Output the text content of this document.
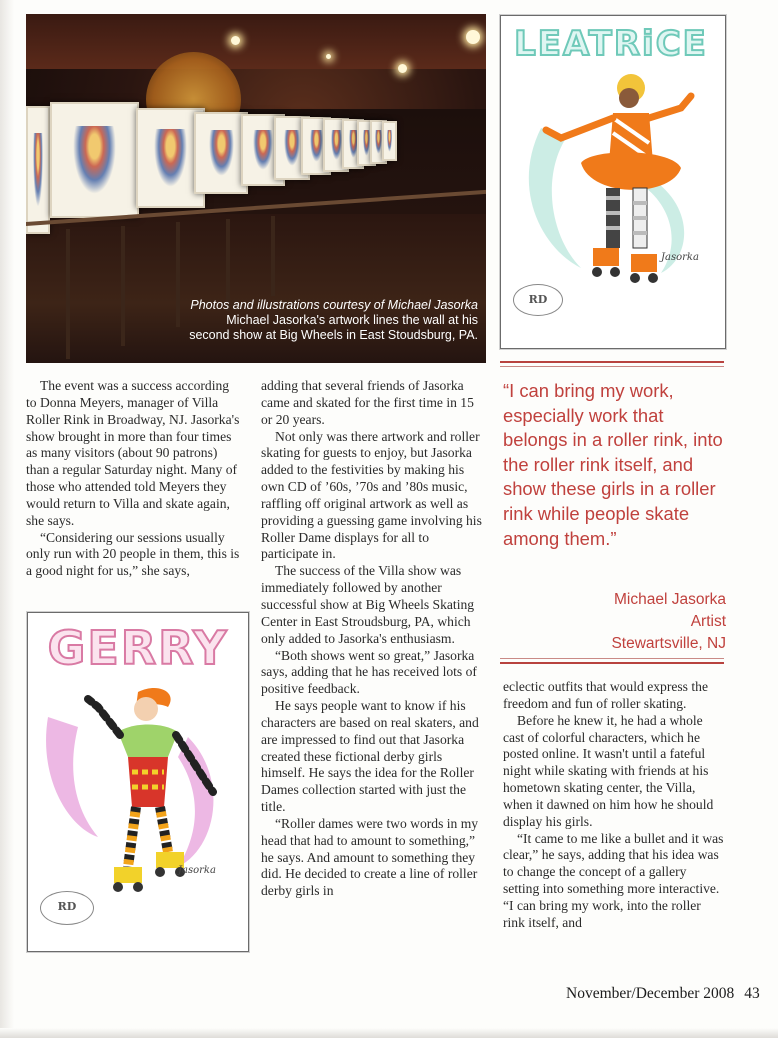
Photos and illustrations courtesy of Michael Jasorka
Michael Jasorka's artwork lines the wall at his
second show at Big Wheels in East Stoudsburg, PA.
LEATRiCE
Jasorka
RD
GERRY
Jasorka
RD

The event was a success according to Donna Meyers, manager of Villa Roller Rink in Broadway, NJ. Jasorka's show brought in more than four times as many visitors (about 90 patrons) than a regular Saturday night. Many of those who attended told Meyers they would return to Villa and skate again, she says.

“Considering our sessions usually only run with 20 people in them, this is a good night for us,” she says,

adding that several friends of Jasorka came and skated for the first time in 15 or 20 years.

Not only was there artwork and roller skating for guests to enjoy, but Jasorka added to the festivities by making his own CD of ’60s, ’70s and ’80s music, raffling off original artwork as well as providing a guessing game involving his Roller Dame displays for all to participate in.

The success of the Villa show was immediately followed by another successful show at Big Wheels Skating Center in East Stroudsburg, PA, which only added to Jasorka's enthusiasm.

“Both shows went so great,” Jasorka says, adding that he has received lots of positive feedback.

He says people want to know if his characters are based on real skaters, and are impressed to find out that Jasorka created these fictional derby girls himself. He says the idea for the Roller Dames collection started with just the title.

“Roller dames were two words in my head that had to amount to something,” he says. And amount to something they did. He decided to create a line of roller derby girls in

“I can bring my work, especially work that belongs in a roller rink, into the roller rink itself, and show these girls in a roller rink while people skate among them.”
Michael Jasorka
Artist
Stewartsville, NJ

eclectic outfits that would express the freedom and fun of roller skating.

Before he knew it, he had a whole cast of colorful characters, which he posted online. It wasn't until a fateful night while skating with friends at his hometown skating center, the Villa, when it dawned on him how he should display his girls.

“It came to me like a bullet and it was clear,” he says, adding that his idea was to change the concept of a gallery setting into something more interactive. “I can bring my work, into the roller rink itself, and

November/December 2008 43
